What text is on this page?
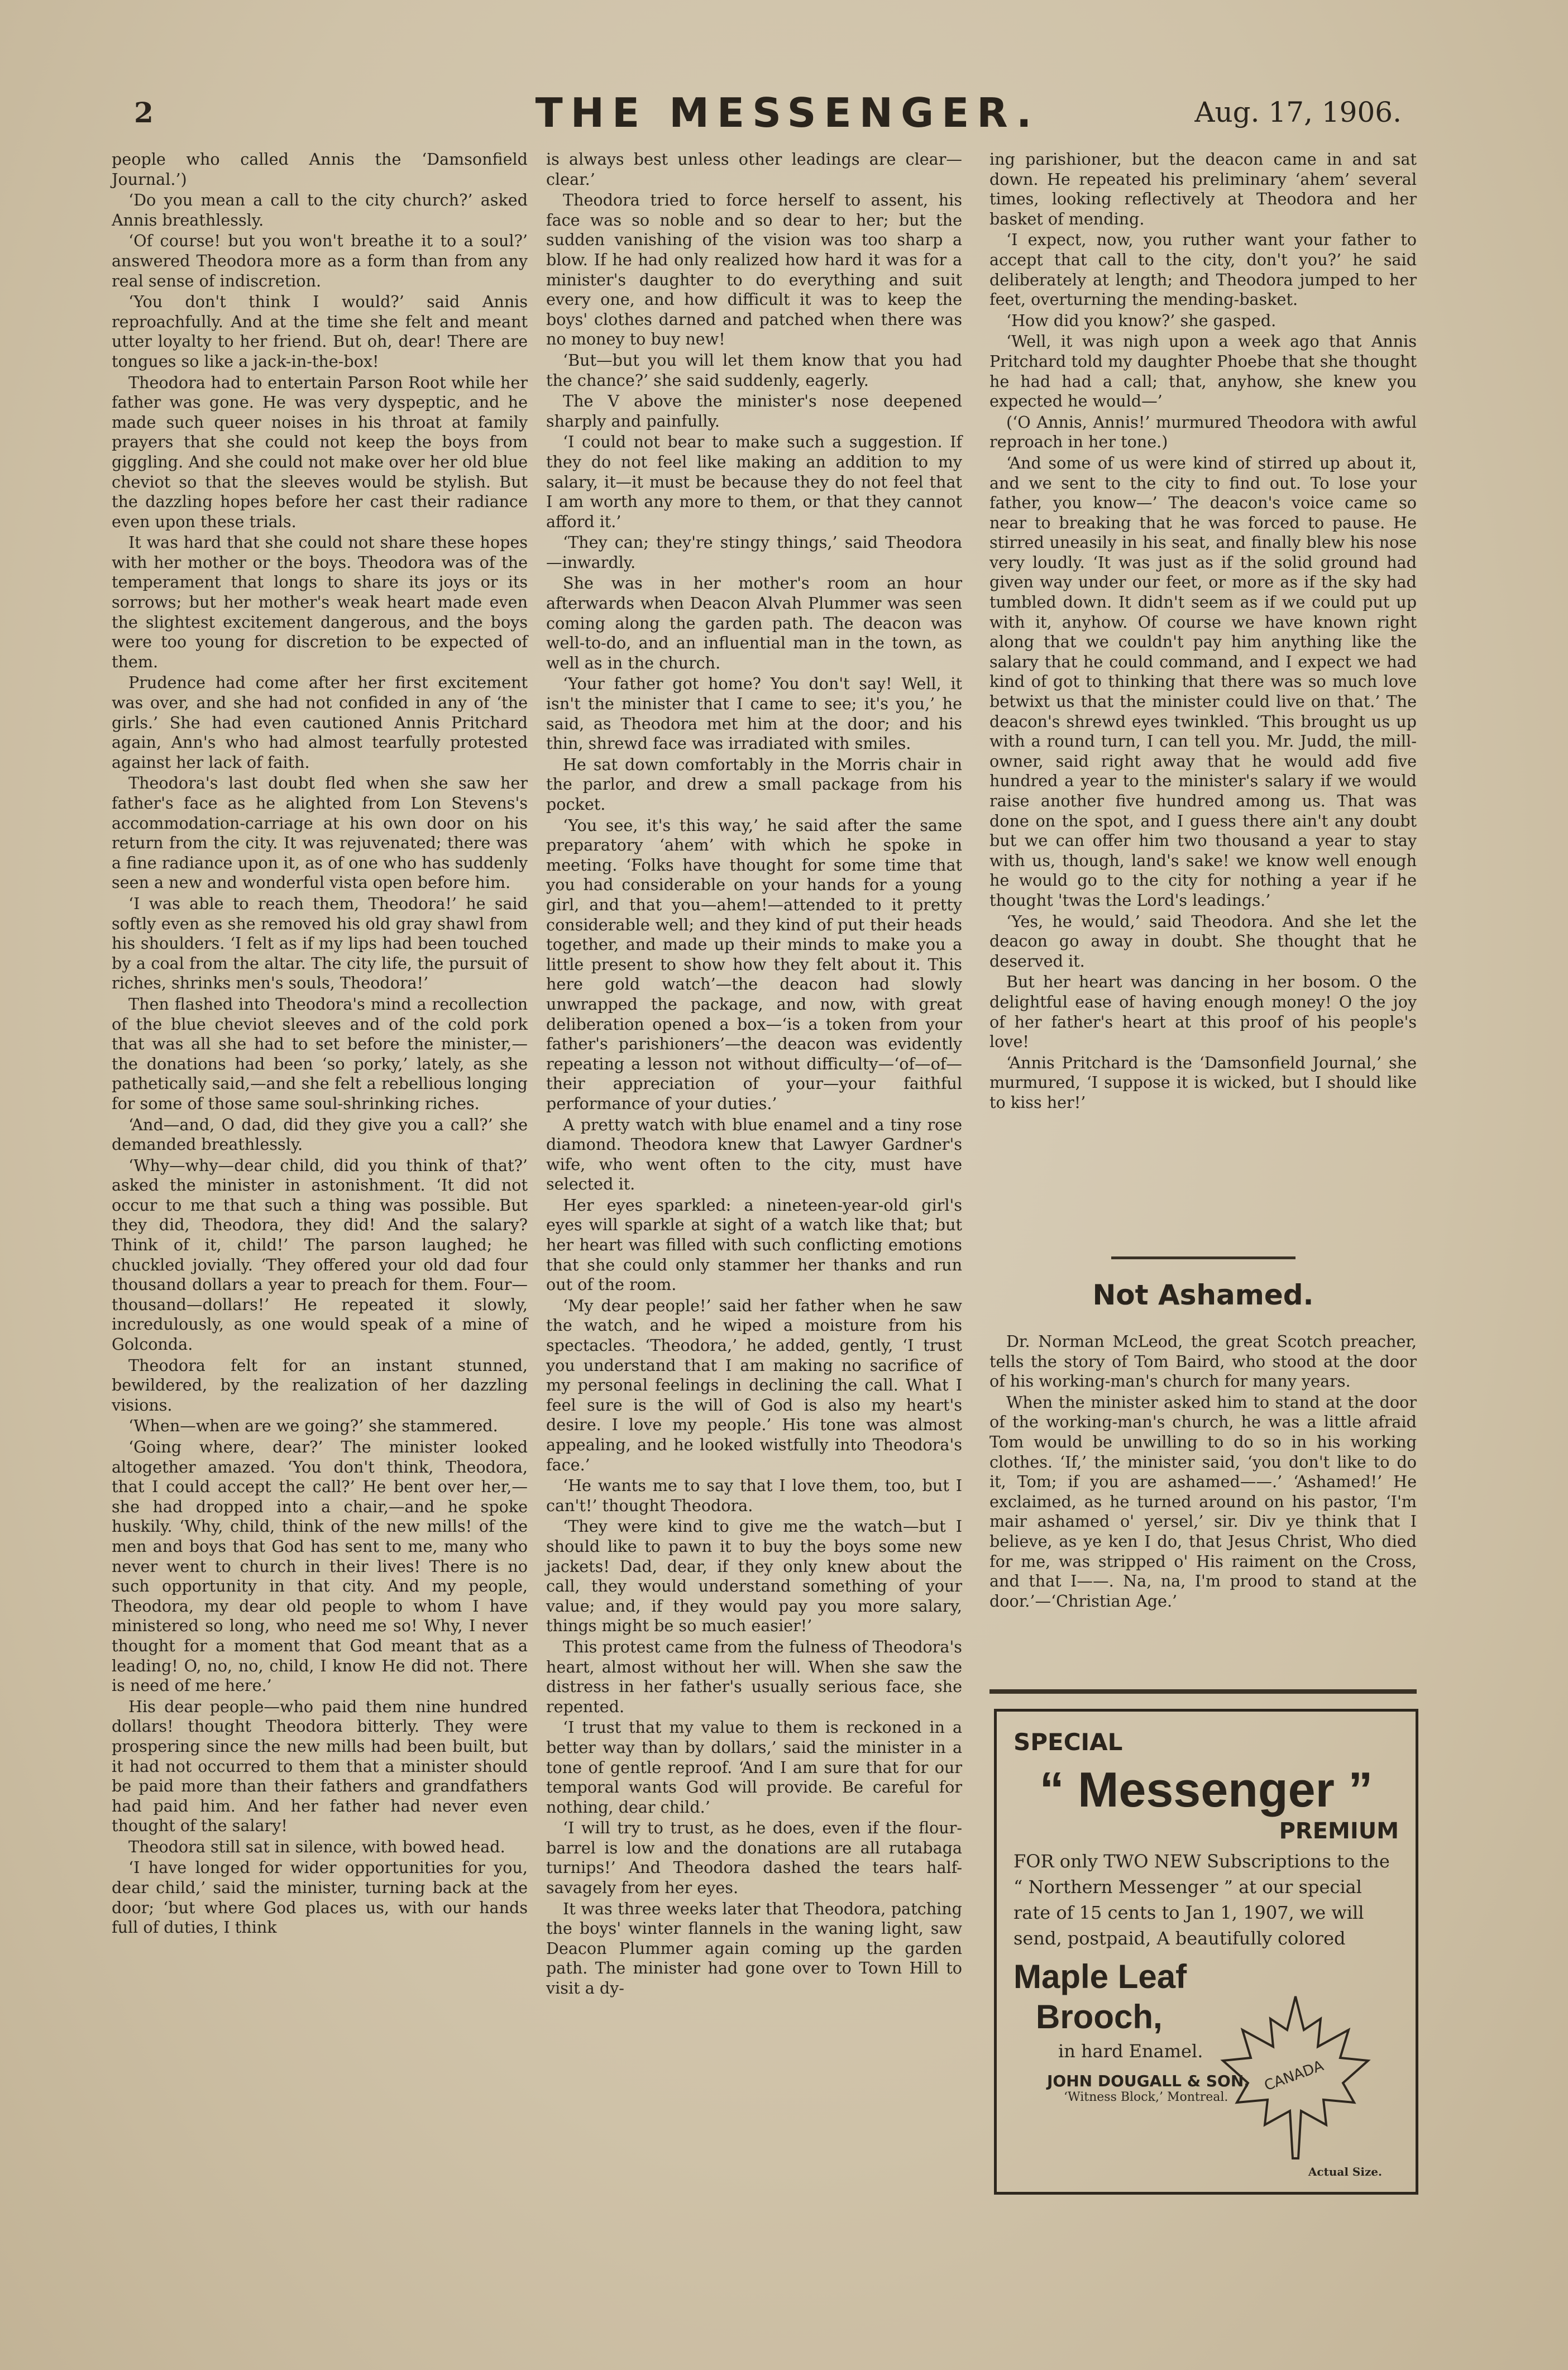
2	THE MESSENGER.	Aug. 17, 1906.

people who called Annis the ‘Damsonfield Journal.’)

‘Do you mean a call to the city church?’ asked Annis breathlessly.

‘Of course! but you won't breathe it to a soul?’ answered Theodora more as a form than from any real sense of indiscretion.

‘You don't think I would?’ said Annis reproachfully. And at the time she felt and meant utter loyalty to her friend. But oh, dear! There are tongues so like a jack-in-the-box!

Theodora had to entertain Parson Root while her father was gone. He was very dyspeptic, and he made such queer noises in his throat at family prayers that she could not keep the boys from giggling. And she could not make over her old blue cheviot so that the sleeves would be stylish. But the dazzling hopes before her cast their radiance even upon these trials.

It was hard that she could not share these hopes with her mother or the boys. Theodora was of the temperament that longs to share its joys or its sorrows; but her mother's weak heart made even the slightest excitement dangerous, and the boys were too young for discretion to be expected of them.

Prudence had come after her first excitement was over, and she had not confided in any of ‘the girls.’ She had even cautioned Annis Pritchard again, Ann's who had almost tearfully protested against her lack of faith.

Theodora's last doubt fled when she saw her father's face as he alighted from Lon Stevens's accommodation-carriage at his own door on his return from the city. It was rejuvenated; there was a fine radiance upon it, as of one who has suddenly seen a new and wonderful vista open before him.

‘I was able to reach them, Theodora!’ he said softly even as she removed his old gray shawl from his shoulders. ‘I felt as if my lips had been touched by a coal from the altar. The city life, the pursuit of riches, shrinks men's souls, Theodora!’

Then flashed into Theodora's mind a recollection of the blue cheviot sleeves and of the cold pork that was all she had to set before the minister,—the donations had been ‘so porky,’ lately, as she pathetically said,—and she felt a rebellious longing for some of those same soul-shrinking riches.

‘And—and, O dad, did they give you a call?’ she demanded breathlessly.

‘Why—why—dear child, did you think of that?’ asked the minister in astonishment. ‘It did not occur to me that such a thing was possible. But they did, Theodora, they did! And the salary? Think of it, child!’ The parson laughed; he chuckled jovially. ‘They offered your old dad four thousand dollars a year to preach for them. Four—thousand—dollars!’ He repeated it slowly, incredulously, as one would speak of a mine of Golconda.

Theodora felt for an instant stunned, bewildered, by the realization of her dazzling visions.

‘When—when are we going?’ she stammered.

‘Going where, dear?’ The minister looked altogether amazed. ‘You don't think, Theodora, that I could accept the call?’ He bent over her,—she had dropped into a chair,—and he spoke huskily. ‘Why, child, think of the new mills! of the men and boys that God has sent to me, many who never went to church in their lives! There is no such opportunity in that city. And my people, Theodora, my dear old people to whom I have ministered so long, who need me so! Why, I never thought for a moment that God meant that as a leading! O, no, no, child, I know He did not. There is need of me here.’

His dear people—who paid them nine hundred dollars! thought Theodora bitterly. They were prospering since the new mills had been built, but it had not occurred to them that a minister should be paid more than their fathers and grandfathers had paid him. And her father had never even thought of the salary!

Theodora still sat in silence, with bowed head.

‘I have longed for wider opportunities for you, dear child,’ said the minister, turning back at the door; ‘but where God places us, with our hands full of duties, I think

is always best unless other leadings are clear—clear.’

Theodora tried to force herself to assent, his face was so noble and so dear to her; but the sudden vanishing of the vision was too sharp a blow. If he had only realized how hard it was for a minister's daughter to do everything and suit every one, and how difficult it was to keep the boys' clothes darned and patched when there was no money to buy new!

‘But—but you will let them know that you had the chance?’ she said suddenly, eagerly.

The V above the minister's nose deepened sharply and painfully.

‘I could not bear to make such a suggestion. If they do not feel like making an addition to my salary, it—it must be because they do not feel that I am worth any more to them, or that they cannot afford it.’

‘They can; they're stingy things,’ said Theodora—inwardly.

She was in her mother's room an hour afterwards when Deacon Alvah Plummer was seen coming along the garden path. The deacon was well-to-do, and an influential man in the town, as well as in the church.

‘Your father got home? You don't say! Well, it isn't the minister that I came to see; it's you,’ he said, as Theodora met him at the door; and his thin, shrewd face was irradiated with smiles.

He sat down comfortably in the Morris chair in the parlor, and drew a small package from his pocket.

‘You see, it's this way,’ he said after the same preparatory ‘ahem’ with which he spoke in meeting. ‘Folks have thought for some time that you had considerable on your hands for a young girl, and that you—ahem!—attended to it pretty considerable well; and they kind of put their heads together, and made up their minds to make you a little present to show how they felt about it. This here gold watch’—the deacon had slowly unwrapped the package, and now, with great deliberation opened a box—‘is a token from your father's parishioners’—the deacon was evidently repeating a lesson not without difficulty—‘of—of—their appreciation of your—your faithful performance of your duties.’

A pretty watch with blue enamel and a tiny rose diamond. Theodora knew that Lawyer Gardner's wife, who went often to the city, must have selected it.

Her eyes sparkled: a nineteen-year-old girl's eyes will sparkle at sight of a watch like that; but her heart was filled with such conflicting emotions that she could only stammer her thanks and run out of the room.

‘My dear people!’ said her father when he saw the watch, and he wiped a moisture from his spectacles. ‘Theodora,’ he added, gently, ‘I trust you understand that I am making no sacrifice of my personal feelings in declining the call. What I feel sure is the will of God is also my heart's desire. I love my people.’ His tone was almost appealing, and he looked wistfully into Theodora's face.’

‘He wants me to say that I love them, too, but I can't!’ thought Theodora.

‘They were kind to give me the watch—but I should like to pawn it to buy the boys some new jackets! Dad, dear, if they only knew about the call, they would understand something of your value; and, if they would pay you more salary, things might be so much easier!’

This protest came from the fulness of Theodora's heart, almost without her will. When she saw the distress in her father's usually serious face, she repented.

‘I trust that my value to them is reckoned in a better way than by dollars,’ said the minister in a tone of gentle reproof. ‘And I am sure that for our temporal wants God will provide. Be careful for nothing, dear child.’

‘I will try to trust, as he does, even if the flour-barrel is low and the donations are all rutabaga turnips!’ And Theodora dashed the tears half-savagely from her eyes.

It was three weeks later that Theodora, patching the boys' winter flannels in the waning light, saw Deacon Plummer again coming up the garden path. The minister had gone over to Town Hill to visit a dy-

ing parishioner, but the deacon came in and sat down. He repeated his preliminary ‘ahem’ several times, looking reflectively at Theodora and her basket of mending.

‘I expect, now, you ruther want your father to accept that call to the city, don't you?’ he said deliberately at length; and Theodora jumped to her feet, overturning the mending-basket.

‘How did you know?’ she gasped.

‘Well, it was nigh upon a week ago that Annis Pritchard told my daughter Phoebe that she thought he had had a call; that, anyhow, she knew you expected he would—’

(‘O Annis, Annis!’ murmured Theodora with awful reproach in her tone.)

‘And some of us were kind of stirred up about it, and we sent to the city to find out. To lose your father, you know—’ The deacon's voice came so near to breaking that he was forced to pause. He stirred uneasily in his seat, and finally blew his nose very loudly. ‘It was just as if the solid ground had given way under our feet, or more as if the sky had tumbled down. It didn't seem as if we could put up with it, anyhow. Of course we have known right along that we couldn't pay him anything like the salary that he could command, and I expect we had kind of got to thinking that there was so much love betwixt us that the minister could live on that.’ The deacon's shrewd eyes twinkled. ‘This brought us up with a round turn, I can tell you. Mr. Judd, the mill-owner, said right away that he would add five hundred a year to the minister's salary if we would raise another five hundred among us. That was done on the spot, and I guess there ain't any doubt but we can offer him two thousand a year to stay with us, though, land's sake! we know well enough he would go to the city for nothing a year if he thought 'twas the Lord's leadings.’

‘Yes, he would,’ said Theodora. And she let the deacon go away in doubt. She thought that he deserved it.

But her heart was dancing in her bosom. O the delightful ease of having enough money! O the joy of her father's heart at this proof of his people's love!

‘Annis Pritchard is the ‘Damsonfield Journal,’ she murmured, ‘I suppose it is wicked, but I should like to kiss her!’

Not Ashamed.

Dr. Norman McLeod, the great Scotch preacher, tells the story of Tom Baird, who stood at the door of his working-man's church for many years.

When the minister asked him to stand at the door of the working-man's church, he was a little afraid Tom would be unwilling to do so in his working clothes. ‘If,’ the minister said, ‘you don't like to do it, Tom; if you are ashamed——.’ ‘Ashamed!’ He exclaimed, as he turned around on his pastor, ‘I'm mair ashamed o' yersel,’ sir. Div ye think that I believe, as ye ken I do, that Jesus Christ, Who died for me, was stripped o' His raiment on the Cross, and that I——. Na, na, I'm prood to stand at the door.’—‘Christian Age.’

SPECIAL
“ Messenger ”
PREMIUM
FOR only TWO NEW Subscriptions to the “ Northern Messenger ” at our special rate of 15 cents to Jan 1, 1907, we will send, postpaid, A beautifully colored
Maple Leaf
Brooch,
in hard Enamel.
JOHN DOUGALL & SON,
‘Witness Block,’ Montreal.
CANADA
Actual Size.
